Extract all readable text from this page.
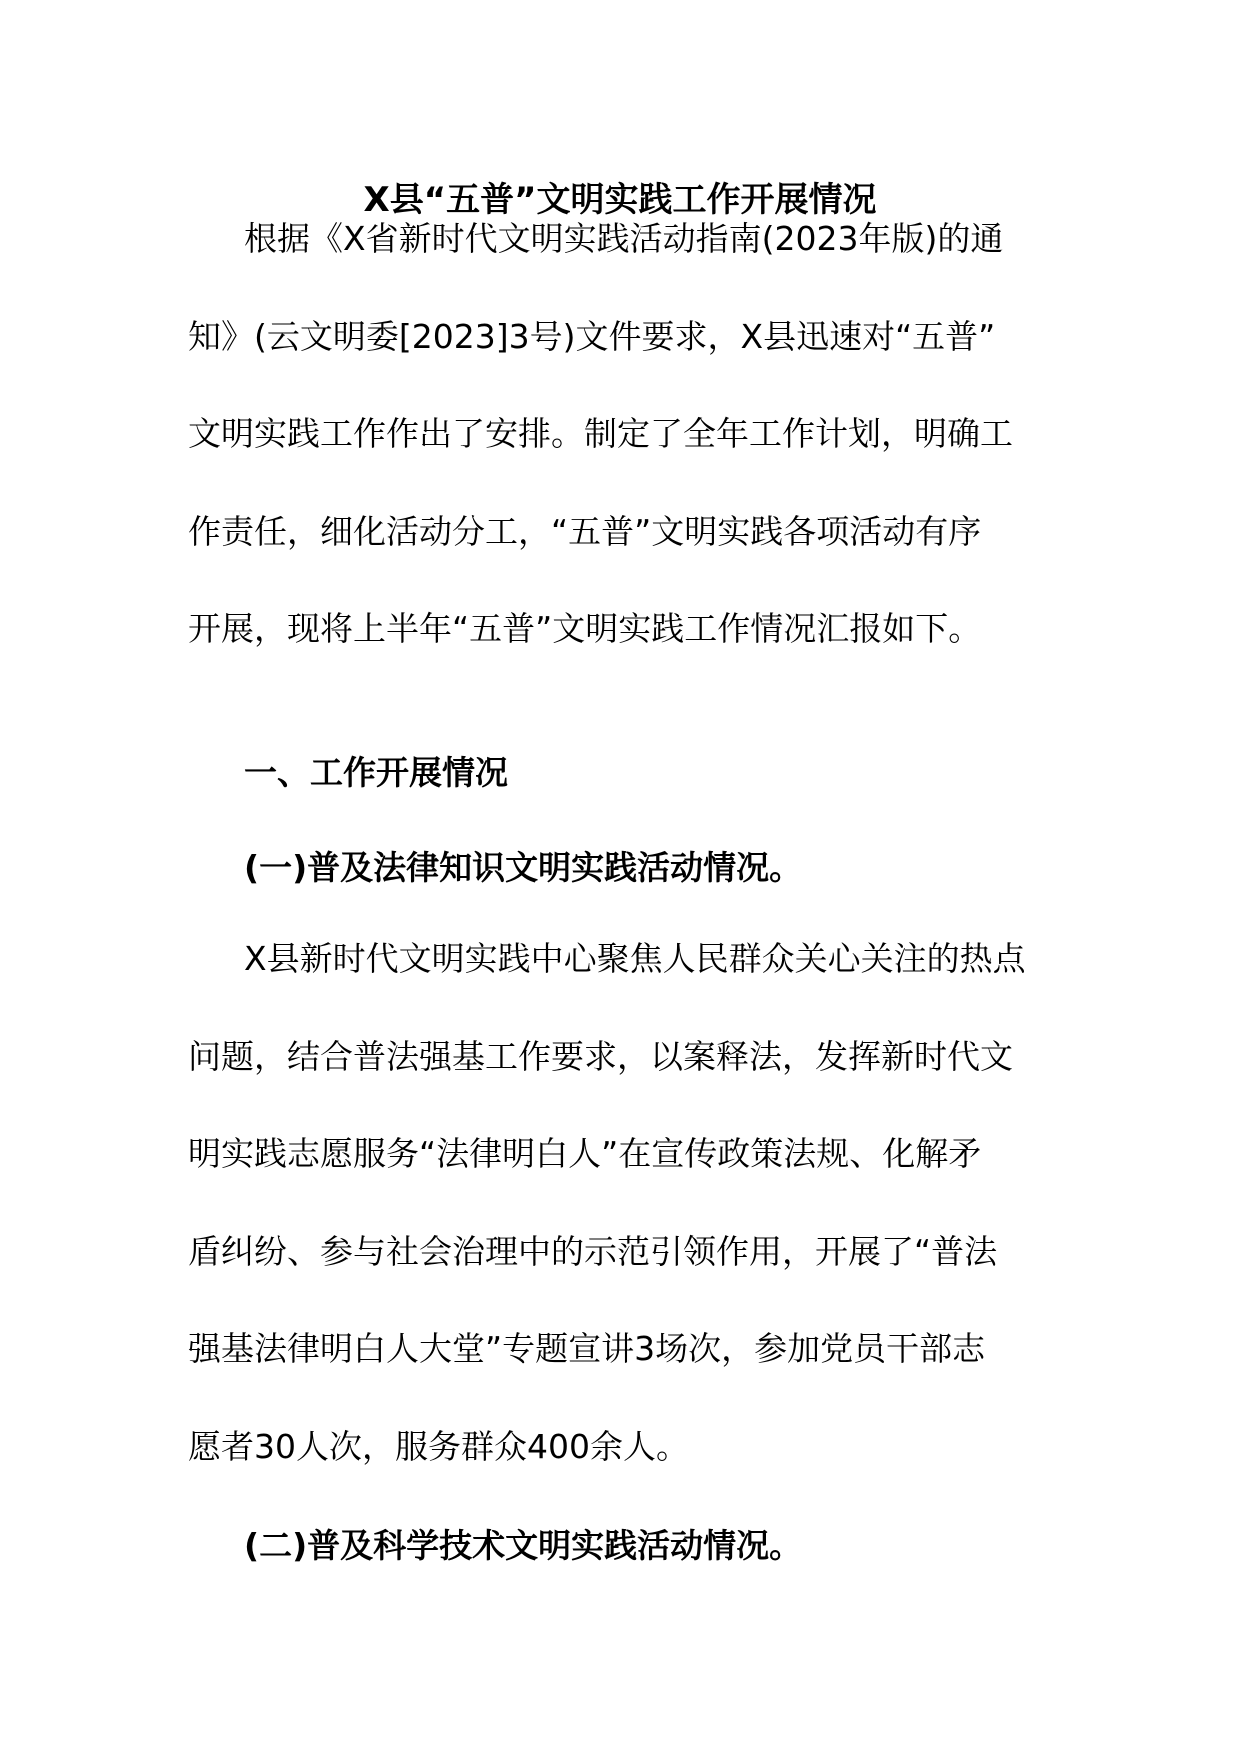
X县“五普”文明实践工作开展情况
根据《X省新时代文明实践活动指南(2023年版)的通
知》(云文明委[2023]3号)文件要求，X县迅速对“五普”
文明实践工作作出了安排。制定了全年工作计划，明确工
作责任，细化活动分工，“五普”文明实践各项活动有序
开展，现将上半年“五普”文明实践工作情况汇报如下。
一、工作开展情况
(一)普及法律知识文明实践活动情况。
X县新时代文明实践中心聚焦人民群众关心关注的热点
问题，结合普法强基工作要求，以案释法，发挥新时代文
明实践志愿服务“法律明白人”在宣传政策法规、化解矛
盾纠纷、参与社会治理中的示范引领作用，开展了“普法
强基法律明白人大堂”专题宣讲3场次，参加党员干部志
愿者30人次，服务群众400余人。
(二)普及科学技术文明实践活动情况。
